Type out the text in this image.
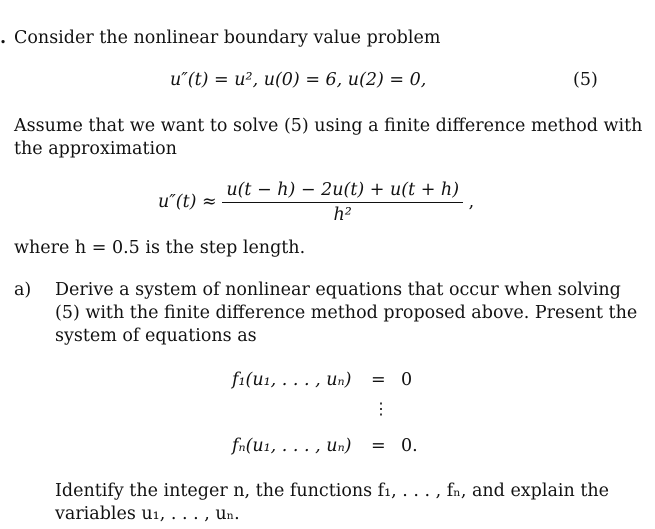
. Consider the nonlinear boundary value problem
u″(t) = u², u(0) = 6, u(2) = 0,	(5)
Assume that we want to solve (5) using a finite difference method with
the approximation
$u''(t) \approx \frac{u(t - h) - 2u(t) + u(t + h)}{\text{h²}}$ ,
where h = 0.5 is the step length.
a) Derive a system of nonlinear equations that occur when solving
(5) with the finite difference method proposed above. Present the
system of equations as
f₁(u₁, . . . , uₙ) = 0
⋮
fₙ(u₁, . . . , uₙ) = 0.
Identify the integer n, the functions f₁, . . . , fₙ, and explain the
variables u₁, . . . , uₙ.
